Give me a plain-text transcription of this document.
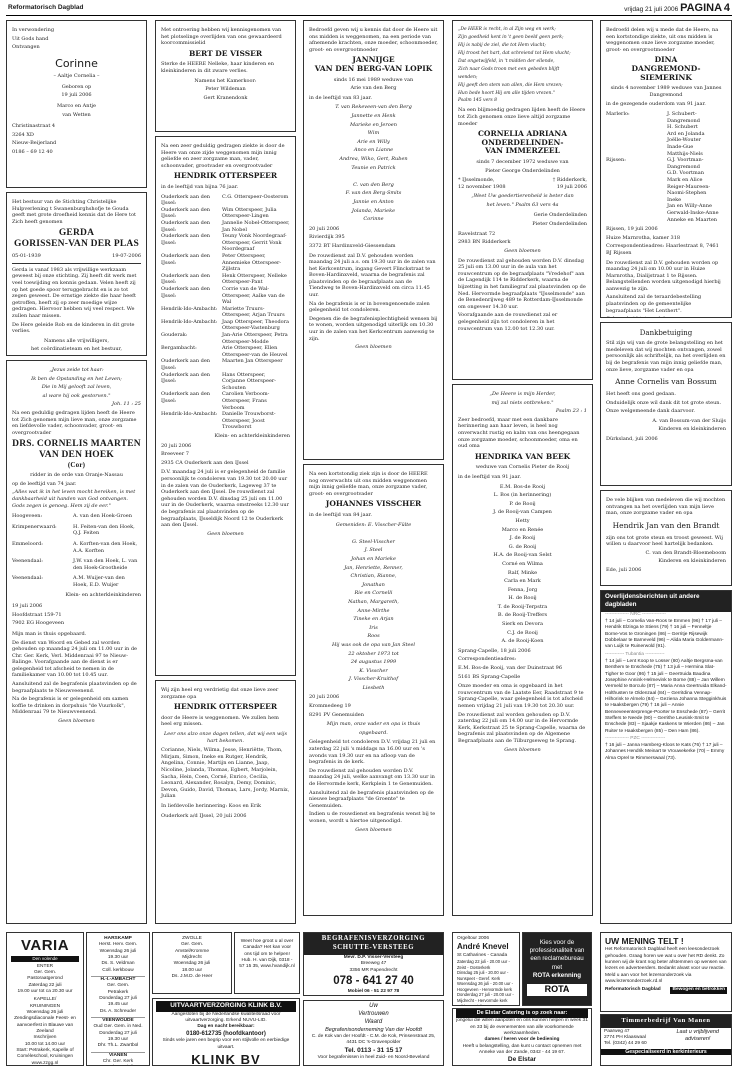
Reformatorisch Dagblad	vrijdag 21 juli 2006 PAGINA 4

In verwondering

Uit Gods hand

Ontvangen

Corinne

– Aaltje Cornelia –

Geboren op

19 juli 2006

Marco en Antje

van Wetten

Christinastraat 4

3264 XD

Nieuw-Beijerland

0186 – 69 12 40

Het bestuur van de Stichting Christelijke Hulpverlening t Swanenburghshofje te Gouda geeft met grote droefheid kennis dat de Here tot Zich heeft genomen

GERDA
GORISSEN-VAN DER PLAS
05-01-1939	19-07-2006

Gerda is vanaf 1983 als vrijwillige werkzaam geweest bij onze stichting. Zij heeft dit werk met veel toewijding en kennis gedaan. Velen heeft zij op het goede spoor teruggebracht en is zo tot zegen geweest. De ernstige ziekte die haar heeft getroffen, heeft zij op zeer moedige wijze gedragen. Hiervoor hebben wij veel respect. We zullen haar missen.

De Here geleide Rob en de kinderen in dit grote verlies.

Namens alle vrijwilligers,

het coördinatieteam en het bestuur,

„Jezus zeide tot haar:

Ik ben de Opstanding en het Leven;

Die in Mij gelooft zal leven,

al ware hij ook gestorven."

Joh. 11 : 25

Na een geduldig gedragen lijden heeft de Heere tot Zich genomen mijn lieve man, onze zorgzame en liefdevolle vader, schoonvader, groot- en overgrootvader

DRS. CORNELIS MAARTEN
VAN DEN HOEK
(Cor)

ridder in de orde van Oranje-Nassau

op de leeftijd van 74 jaar.

„Alles wat ik in het leven mocht bereiken, is met dankbaarheid uit handen van God ontvangen. Gods zegen is genoeg. Hem zij de eer."

Hoogeveen:	A. van den Hoek-Groen
Krimpenerwaard:	H. Feiten-van den Hoek, Q.J. Feiten
Emmeloord:	A. Korften-van den Hoek, A.A. Korften
Veenendaal:	J.W. van den Hoek, L. van den Hoek-Grootheide
Veenendaal:	A.M. Wuijer-van den Hoek, E.D. Wuijer

Klein- en achterkleinkinderen

19 juli 2006

Hoofdstraat 159-71

7902 EG Hoogeveen

Mijn man is thuis opgebaard.

De dienst van Woord en Gebed zal worden gehouden op maandag 24 juli om 11.00 uur in de Chr. Ger. Kerk, Verl. Middenraai 97 te Nieuw-Balinge. Voorafgaande aan de dienst is er gelegenheid tot afscheid te nemen in de familiekamer van 10.00 tot 10.45 uur.

Aansluitend zal de begrafenis plaatsvinden op de begraafplaats te Nieuwveenend.

Na de begrafenis is er gelegenheid om samen koffie te drinken in dorpshuis "de Vuurkolk", Middenraai 79 te Nieuwveenend.

Geen bloemen

Met ontroering hebben wij kennisgenomen van het plotselinge overlijden van ons gewaardeerd koorcommissielid

BERT DE VISSER

Sterke de HEERE Nelleke, haar kinderen en kleinkinderen in dit zware verlies.

Namens het Kamerkoor:

Peter Wildeman

Gert Kranendonk

Na een zeer geduldig gedragen ziekte is door de Heere van onze zijde weggenomen mijn innig geliefde en zeer zorgzame man, vader, schoonvader, grootvader en overgrootvader

HENDRIK OTTERSPEER

in de leeftijd van bijna 76 jaar.

Ouderkerk aan den IJssel:
C.G. Otterspeer-Oosterom
Ouderkerk aan den IJssel:
Wim Otterspeer, Julia Otterspeer-Lingen
Ouderkerk aan den IJssel:
Jannelie Nobel-Otterspeer, Jan Nobel
Ouderkerk aan den IJssel:
Teuny Vonk Noordegraaf-Otterspeer, Gerrit Vonk Noordegraaf
Ouderkerk aan den IJssel:
Peter Otterspeer, Annemieke Otterspeer-Zijlstra
Ouderkerk aan den IJssel:
Henk Otterspeer, Nelleke Otterspeer-Pant
Ouderkerk aan den IJssel:
Corrie van de Wal-Otterspeer, Aalke van de Wal
Hendrik-Ido-Ambacht: Mariette Truurs-Otterspeer, Arjan Truurs
Hendrik-Ido-Ambacht: Jaap Otterspeer, Theodora Otterspeer-Vastenburg
Gouderak:	Jan-Arie Otterspeer, Petra Otterspeer-Modde
Bergambacht:	Arie Otterspeer, Ellen Otterspeer-van de Heuvel
Ouderkerk aan den IJssel:
Maarten Jan Otterspeer
Ouderkerk aan den IJssel:
Hans Otterspeer, Corjanne Otterspeer-Schouten
Ouderkerk aan den IJssel:
Carolien Verboom-Otterspeer, Frans Verboom
Hendrik-Ido-Ambacht: Danielle Trouwborst-Otterspeer, Joost Trouwborst

Klein- en achterkleinkinderen

20 juli 2006

Breeveer 7

2935 CA Ouderkerk aan den IJssel

D.V. maandag 24 juli is er gelegenheid de familie persoonlijk te condoleren van 19.30 tot 20.00 uur in de zalen van de Ouderkerk, Lageweg 37 te Ouderkerk aan den IJssel. De rouwdienst zal gehouden worden D.V. dinsdag 25 juli om 11.00 uur in de Ouderkerk, waarna omstreeks 12.30 uur de begrafenis zal plaatsvinden op de begraafplaats, IJsseldijk Noord 12 te Ouderkerk aan den IJssel.

Geen bloemen

Wij zijn heel erg verdrietig dat onze lieve zeer zorgzame opa

HENDRIK OTTERSPEER

door de Heere is weggenomen. We zullen hem heel erg missen.

Leer ons alzo onze dagen tellen, dat wij een wijs hart bekomen.

Corianne, Niels, Wilma, Jesse, Henriëtte, Thom, Mirjam, Simon, Ineke en Rutger, Hendrik, Angelina, Connie, Martijn en Lianne, Jaap, Nicoline, Jolanda, Thomas, Egbert, Marjolein, Sacha, Hein, Coen, Corné, Enrico, Cecilia, Leonard, Alexander, Rosalyn, Demy, Dominic, Devon, Guido, David, Thomas, Lars, Jordy, Marnix, Julian

In liefdevolle herinnering: Koos en Erik

Ouderkerk a/d IJssel, 20 juli 2006

Bedroefd geven wij u kennis dat door de Heere uit ons midden is weggenomen, na een periode van afnemende krachten, onze moeder, schoonmoeder, groot- en overgrootmoeder

JANNIJGE
VAN DEN BERG-VAN LOPIK

sinds 16 mei 1989 weduwe van

Arie van den Berg

in de leeftijd van 83 jaar.

T. van Rekeveen-van den Berg

Jannette en Henk

Marieke en Jeroen

Wim

Arie en Willy

Anco en Lianne

Andrea, Wiko, Gert, Ruben

Teunie en Patrick

C. van den Berg

F. van den Berg-Smits

Jannie en Anton

Jolanda, Marieke

Corinne

20 juli 2006

Rivierdijk 395

3372 BT Hardinxveld-Giessendam

De rouwdienst zal D.V. gehouden worden maandag 24 juli a.s. om 19.30 uur in de zalen van het Kerkcentrum, ingang Gevert Flinckstraat te Boven-Hardinxveld, waarna de begrafenis zal plaatsvinden op de begraafplaats aan de Tiendweg te Boven-Hardinxveld om circa 11.45 uur.

Na de begrafenis is er in bovengenoemde zalen gelegenheid tot condoleren.

Degenen die de begrafenisplechtigheid wensen bij te wonen, worden uitgenodigd uiterlijk om 10.30 uur in de zalen van het Kerkcentrum aanwezig te zijn.

Geen bloemen

Na een kortstondig ziek zijn is door de HEERE nog onverwachts uit ons midden weggenomen mijn innig geliefde man, onze zorgzame vader, groot- en overgrootvader

JOHANNES VISSCHER

in de leeftijd van 84 jaar.

Gemeniden: E. Visscher-Fülte

G. Steel-Visscher

J. Steel

Johan en Marieke

Jan, Henriette, Renner,

Christian, Rianne,

Jonathan

Rie en Cornelli

Nathan, Margareth,

Anne-Mirthe

Tineke en Arjan

Iris

Roos

Hij was ook de opa van Jan Steel

22 oktober 1973 tot

24 augustus 1999

K. Visscher

J. Visscher-Kruithof

Liesbeth

20 juli 2006

Krommedeeg 19

8291 PV Genemuiden

Mijn man, onze vader en opa is thuis

opgebaard.

Gelegenheid tot condoleren D.V. vrijdag 21 juli en zaterdag 22 juli 's middags na 16.00 uur en 's avonds van 19.30 uur en na afloop van de begrafenis in de kerk.

De rouwdienst zal gehouden worden D.V. maandag 24 juli, welke aanvangt om 13.30 uur in de Hervormde kerk, Kerkplein 1 te Genemuiden.

Aansluitend zal de begrafenis plaatsvinden op de nieuwe begraafplaats "de Groente" te Genemuiden.

Indien u de rouwdienst en begrafenis wenst bij te wonen, wordt u hiertoe uitgenodigd.

Geen bloemen

„De HEER is recht, in al Zijn weg en werk;

Zijn goedheid kent in 't geen beeld geen perk;

Hij is nabij de ziel, die tot Hem vlucht;

Hij troost het hart, dat schreiend tot Hem vlucht;

Dat ongetwijfeld, in 't midden der ellende,

Zich naar Gods troon met een gebeden blijft

wenden;

Hij geeft den stem van allen, die Hem vrezen;

Hun bede hoort Hij om alle tijden vrezen."

Psalm 145 vers 8

Na een blijmoedig gedragen lijden heeft de Heere tot Zich genomen onze lieve altijd zorgzame moeder

CORNELIA ADRIANA
ONDERDELINDEN-
VAN IMMERZEEL

sinds 7 december 1972 weduwe van

Pieter George Onderdelinden

* IJsselmonde,	† Ridderkerk,
12 november 1908	19 juli 2006

„Weet Uw goedertierenheid is beter dan

het leven." Psalm 63 vers 4a

Gerie Onderdelinden

Pieter Onderdelinden

Ravelstraat 72

2983 BN Ridderkerk

Geen bloemen

De rouwdienst zal gehouden worden D.V. dinsdag 25 juli om 13.00 uur in de aula van het rouwcentrum op de begraafplaats "Vredehof" aan de Lagendijk 114 te Ridderkerk, waarna de bijzetting in het familiegraf zal plaatsvinden op de Ned. Hervormde begraafplaats "IJsselmonde" aan de Benedenrijweg 489 te Rotterdam-IJsselmonde om ongeveer 14.30 uur.

Voorafgaande aan de rouwdienst zal er gelegenheid zijn tot condoleren in het rouwcentrum van 12.00 tot 12.30 uur.

„De Heere is mijn Herder,

mij zal niets ontbreken."

Psalm 23 : 1

Zeer bedroefd, maar met een dankbare herinnering aan haar leven, is heel nog onverwacht rustig en kalm van ons heengegaan onze zorgzame moeder, schoonmoeder, oma en oud oma

HENDRIKA VAN BEEK

weduwe van Cornelis Pieter de Rooij

in de leeftijd van 91 jaar.

E.M. Bos-de Rooij

L. Bos (in herinnering)

P. de Rooij

J. de Rooij-van Campen

Hetty

Marco en Renée

J. de Rooij

G. de Rooij

H.A. de Rooij-van Selst

Corné en Wilma

Ralf, Minke

Carla en Mark

Fenna, Jorg

H. de Rooij

T. de Rooij-Terpstra

B. de Rooij-Treffers

Sierk en Devora

C.J. de Rooij

A. de Rooij-Koen

Sprang-Capelle, 18 juli 2006

Correspondentieadres:

E.M. Bos-de Rooij, van der Duinstraat 96

5161 BS Sprang-Capelle

Onze moeder en oma is opgebaard in het rouwcentrum van de Laatste Eer, Raadstraat 9 te Sprang-Capelle, waar gelegenheid is tot afscheid nemen vrijdag 21 juli van 19.30 tot 20.30 uur.

De rouwdienst zal worden gehouden op D.V. zaterdag 22 juli om 14.00 uur in de Hervormde Kerk, Kerkstraat 25 te Sprang-Capelle, waarna de begrafenis zal plaatsvinden op de Algemene Begraafplaats aan de Tilburgseweg te Sprang.

Geen bloemen

Bedroefd delen wij u mede dat de Heere, na een kortstondige ziekte, uit ons midden is weggenomen onze lieve zorgzame moeder, groot- en overgrootmoeder

DINA
DANGREMOND-SIEMERINK

sinds 4 november 1989 weduwe van Jannes Dangremond

in de gezegende ouderdom van 91 jaar.

Marlerlo:	J. Schubert-Dangremond
H. Schubert
Ard en Jolanda
Joëlle-Wouter
Inade-Gue
Matthijs-Niels
Rijssen:	G.J. Voortman-Dangremond
G.D. Voortman
Mark en Alice
Reiger-Maureen-Naomi-Stephen
Ineke
Jan en Willy-Anne
Gerwald-Inske-Anne
Anneke en Maarten

Rijssen, 19 juli 2006

Huize Marnrotha, kamer 318

Correspondentieadres: Haarlestraat 8, 7461 BJ Rijssen

De rouwdienst zal D.V. gehouden worden op maandag 24 juli om 10.00 uur in Huize Marnrotha, Dialijstraat 1 te Rijssen. Belangstellenden worden uitgenodigd hierbij aanwezig te zijn.

Aansluitend zal de teraardebestelling plaatsvinden op de gemeentelijke begraafplaats "Het Lenthert".

Dankbetuiging

Stil zijn wij van de grote belangstelling en het medeleven dat wij mochten ontvangen, zowel persoonlijk als schriftelijk, na het overlijden en bij de begrafenis van mijn innig geliefde man, onze lieve, zorgzame vader en opa

Anne Cornelis van Bossum

Het heeft ons goed gedaan.

Onduidelijk onze wil dank dit tot grote steun.

Onze welgemeende dank daarvoor.

A. van Bossum-van der Sluijs

Kinderen en kleinkinderen

Dürksland, juli 2006

De vele blijken van medeleven die wij mochten ontvangen na het overlijden van mijn lieve man, onze zorgzame vader en opa

Hendrik Jan van den Brandt

zijn ons tot grote steun en troost geweest. Wij willen u daarvoor heel hartelijk bedanken.

C. van den Brandt-Bloemeboom

Kinderen en kleinkinderen

Ede, juli 2006

Overlijdensberichten uit andere dagbladen
--------------- NRC ---------------

† 14 juli – Cornelia Van-Roos te Emmen (96) † 17 juli – Hendrik Elzinga te Stiens (79) † 16 juli – Fenneltje Borne-Vos te Groningen (86) – Gerritje Rijsewijk Dobbelaar te Barneveld (96) – Alida Maria Goldermann-van Luijk te Ruinerwold (91).

------------ Tubantia ------------

† 14 juli – Lent Koop te Losser (80) Aaltje Bergsma-van Benthem te Enschede (75) † 13 juli – Hermina Slat-Tigher te Goor (86) † 15 juli – Geertruida Baudina Josephine Annink-Helmevink te Borne (88) – Jan Willem Vermeld te Borculo (87) – Maria Anna Geertruida Elkand-Holthusten te Oldenzaal (84) – Gerritdina Vennap-Hilhorink te Almelo (84) – Geziena Johanna Stegginkhuis te Haaksbergen (79) † 16 juli – Annie Benneveeenterprenge-Poorter te Enschede (87) – Gerrit Steffers te Neede (90) – Gerrithe Leusink-Smit te Enschede (83) – Sjaakje Kaskens te Wierden (86) – Jan Ruiter te Haaksbergen (85) – Den Ham (86).

--------------- PZC ---------------

† 16 juli – Janna Hamberg-Kloos te Kats (76) † 17 juli – Johannes Hendrik Meinart te Vrouwekerke (70) – Emmy Alma Oprel te Rimmerswaal (73).

VARIA
Den volende

ENTER

Ger. Gem.

Pastoraatgerond

Zaterdag 22 juli

19.00 uur tot ca 20.30 uur

KAPELLE/

KRUININGEN

Woensdag 26 juli

Zendingsdiaconale Feest- en aanvoerfest in Blauwe van Zeeland

Inschrijven

10.00 tot 14.00 uur

Start: Petrakerk, Kapelle of Coméleschool, Kruiningen

www.zzgg.nl

HARSKAMP

Herst. Herv. Gem.

Woensdag 26 juli

19.30 uur

Ds. S. Veldman

Coll. kerkbouw

H.-I.-AMBACHT

Ger. Gem.

Petrakerk

Donderdag 27 juli

19.45 uur

Ds. A. Schreuder

VEENWOUDE

Oud Ger. Gem. in Ned.

Donderdag 27 juli

19.30 uur

Dhr. Th.L. Zwartbol

VIANEN

Chr. Ger. Kerk

ZWOLLE

Ger. Gem.

Amstel/Kromme

Mijdrecht

Woensdag 26 juli

18.00 uur

Ds. J.M.D. de Heer

Weet hoe groot u al over Canada? Het kan voor ons tijd om te helpen! Hub. H. van Dijk, 0318 - 57 15 35, www.hvandijk.nl

UITVAARTVERZORGING KLINK B.V.

Aangesloten bij de Nederlandse kwaliteitsraad voor uitvaartverzorging. Erkend NUVU-LID.

Dag en nacht bereikbaar:

0180-612735 (hoofdkantoor)

Sinds vele jaren een begrip voor een stijlvolle en eerbiedige uitvaart.

KLINK BV

BEGRAFENISVERZORGING SCHUTTE-VERSTEEG

Mevr. D.P. Visser-Versteeg

Breeweg 47

3356 MR Papendrecht

078 - 641 27 40

Mobiel 06 - 51 22 97 78

Uw

Vertrouwen

Waard

Begrafenisonderneming Van der Hoofdt

C. de Kok van der Hoofdt - C.M. de Kok, Prinsenstraat 25, 4431 DC 's-Gravenpolder

Tel. 0113 - 31 15 17

Voor begrafenissen in heel Zuid- en Noord-Beveland

Orgeltour 2006

André Knevel

St Catharines - Canada

Zaterdag 22 juli - 20.00 uur - Zeist - Oosterkerk

Dinsdag 25 juli - 20.00 uur - Nunspeet - Geref. Kerk

Woensdag 26 juli - 20.00 uur - Hoogeveen - Hervormde kerk

Donderdag 27 juli - 20.00 uur - Mijdrecht - Hervormde kerk

Kies voor de professionaliteit van een reclamebureau met

ROTA erkenning

ROTA

De Elstar Catering is op zoek naar:

jongelui die willen aanpoten en ons kunnen helpen in week 31 en 33 bij de evenementen van alle voorkomende werkzaamheden.

dames / heren voor de bediening

Heeft u belangstelling, dan kunt u contact opnemen met Anneke van der Zande, 0342 - 44 19 67.

De Elstar

UW MENING TELT !

Het Reformatorisch Dagblad heeft een leesonderzoek gehouden. Graag horen we wat u over het RD denkt. Zo kunnen wij de krant nog beter afstemmen op wensen van lezers en adverteerders. Bedankt alvast voor uw reactie.

Meld u aan voor het lezersonderzoek via www.lezersonderzoek.rd.nl

Reformatorisch Dagblad	Bewogen en betrokken
Timmerbedrijf Van Manen

Paarweg 47

2774 PH Klaaswaal

Tel. (0342) 44 29 60

Laat u vrijblijvend adviseren!
Gespecialiseerd in kerkinterieurs
